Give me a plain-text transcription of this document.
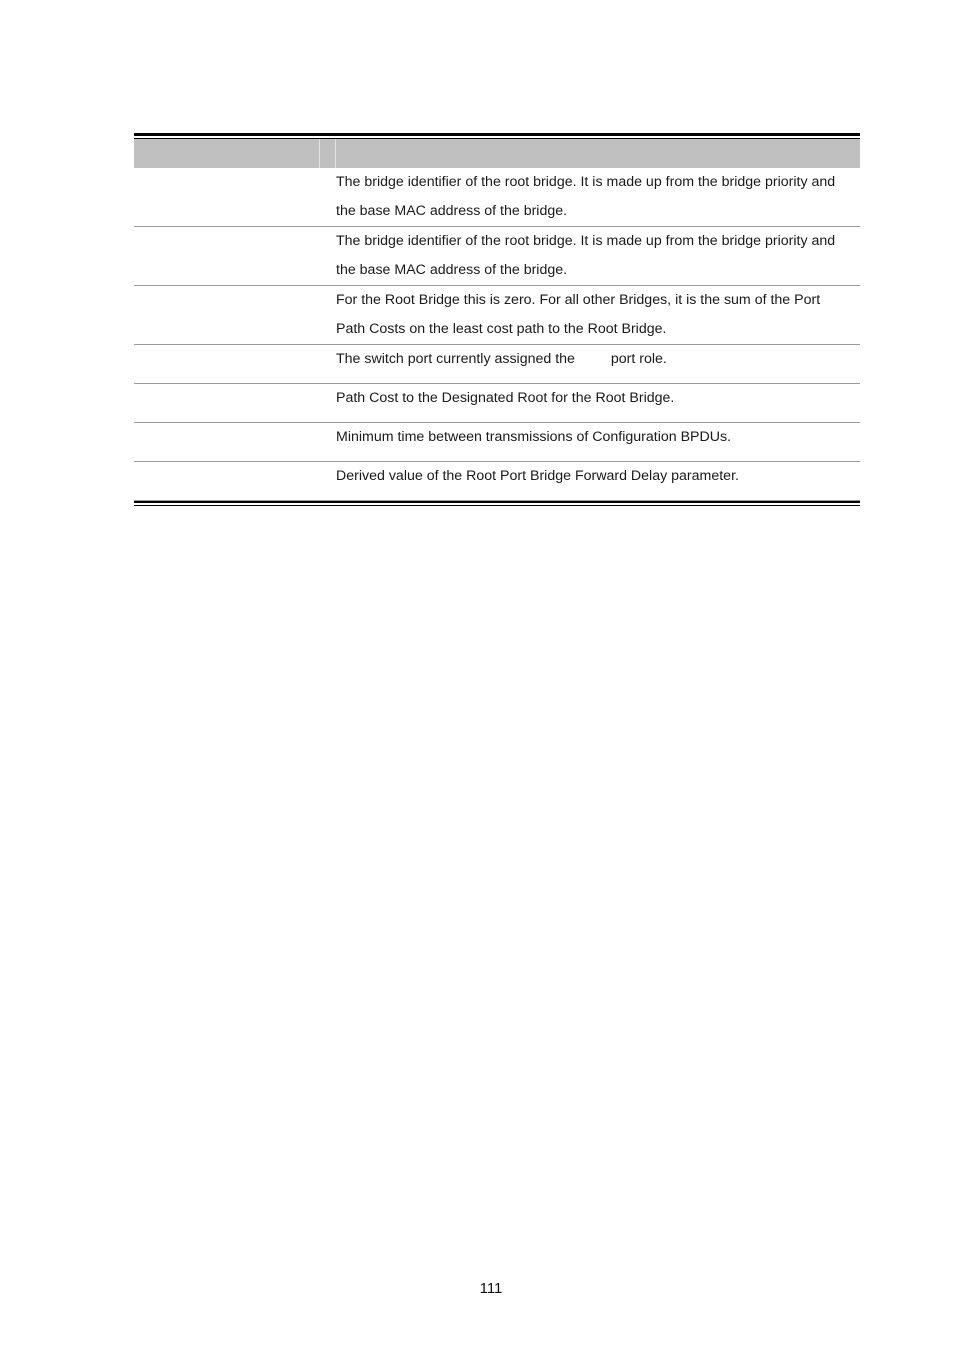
The bridge identifier of the root bridge. It is made up from the bridge priority and
the base MAC address of the bridge.
The bridge identifier of the root bridge. It is made up from the bridge priority and
the base MAC address of the bridge.
For the Root Bridge this is zero. For all other Bridges, it is the sum of the Port
Path Costs on the least cost path to the Root Bridge.
The switch port currently assigned the	port role.
Path Cost to the Designated Root for the Root Bridge.
Minimum time between transmissions of Configuration BPDUs.
Derived value of the Root Port Bridge Forward Delay parameter.
111
